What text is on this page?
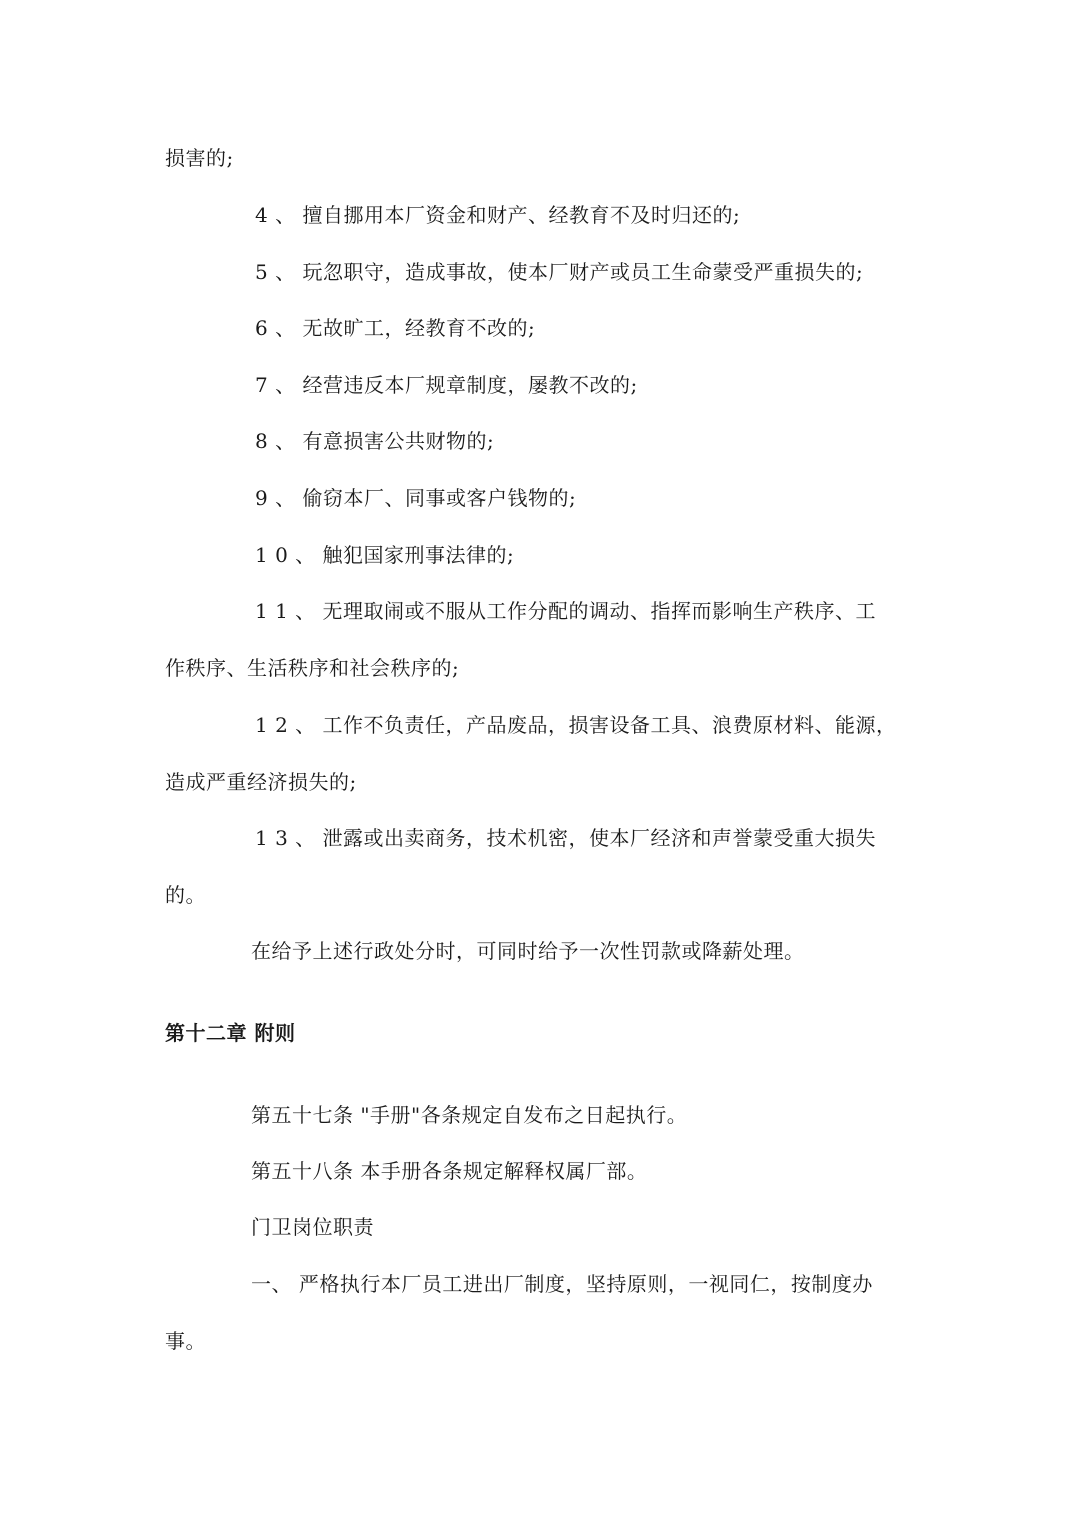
损害的;
4 、 擅自挪用本厂资金和财产、经教育不及时归还的;
5 、 玩忽职守，造成事故，使本厂财产或员工生命蒙受严重损失的;
6 、 无故旷工，经教育不改的;
7 、 经营违反本厂规章制度，屡教不改的;
8 、 有意损害公共财物的;
9 、 偷窃本厂、同事或客户钱物的;
1 0 、 触犯国家刑事法律的;
1 1 、 无理取闹或不服从工作分配的调动、指挥而影响生产秩序、工
作秩序、生活秩序和社会秩序的;
1 2 、 工作不负责任，产品废品，损害设备工具、浪费原材料、能源，
造成严重经济损失的;
1 3 、 泄露或出卖商务，技术机密，使本厂经济和声誉蒙受重大损失
的。
在给予上述行政处分时，可同时给予一次性罚款或降薪处理。
第十二章 附则
第五十七条 "手册"各条规定自发布之日起执行。
第五十八条 本手册各条规定解释权属厂部。
门卫岗位职责
一、 严格执行本厂员工进出厂制度，坚持原则，一视同仁，按制度办
事。
